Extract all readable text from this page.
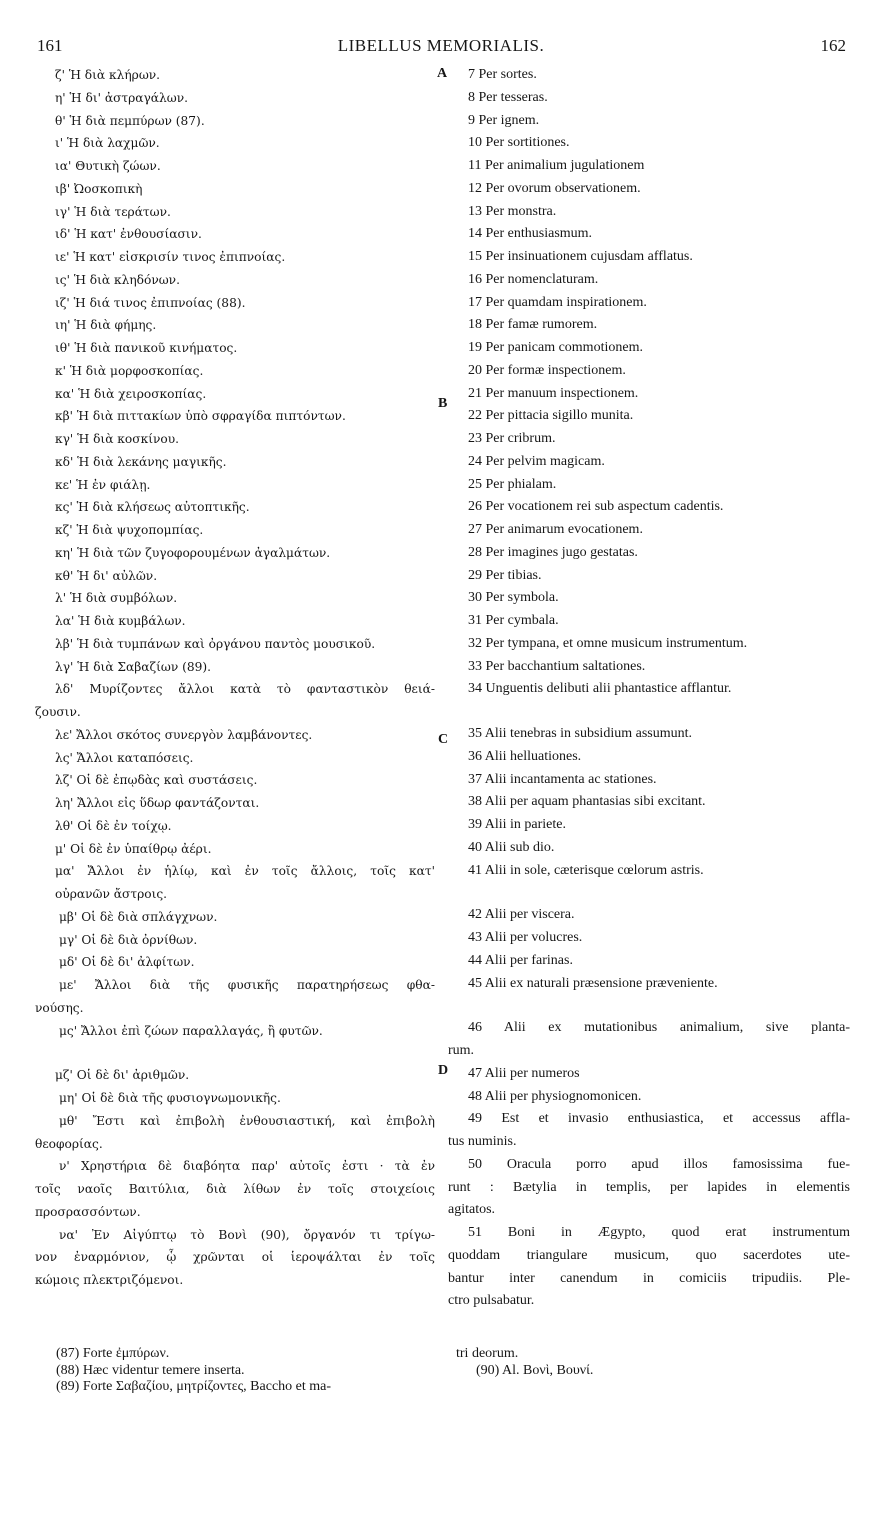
161	LIBELLUS MEMORIALIS.	162
A
B
C
D
ζ' Ἡ διὰ κλήρων.
η' Ἡ δι' ἀστραγάλων.
θ' Ἡ διὰ πεμπύρων (87).
ι' Ἡ διὰ λαχμῶν.
ια' Θυτικὴ ζώων.
ιβ' Ὠοσκοπικὴ
ιγ' Ἡ διὰ τεράτων.
ιδ' Ἡ κατ' ἐνθουσίασιν.
ιε' Ἡ κατ' εἰσκρισίν τινος ἐπιπνοίας.
ις' Ἡ διὰ κληδόνων.
ιζ' Ἡ διά τινος ἐπιπνοίας (88).
ιη' Ἡ διὰ φήμης.
ιθ' Ἡ διὰ πανικοῦ κινήματος.
κ' Ἡ διὰ μορφοσκοπίας.
κα' Ἡ διὰ χειροσκοπίας.
κβ' Ἡ διὰ πιττακίων ὑπὸ σφραγίδα πιπτόντων.
κγ' Ἡ διὰ κοσκίνου.
κδ' Ἡ διὰ λεκάνης μαγικῆς.
κε' Ἡ ἐν φιάλῃ.
κς' Ἡ διὰ κλήσεως αὐτοπτικῆς.
κζ' Ἡ διὰ ψυχοπομπίας.
κη' Ἡ διὰ τῶν ζυγοφορουμένων ἀγαλμάτων.
κθ' Ἡ δι' αὐλῶν.
λ' Ἡ διὰ συμβόλων.
λα' Ἡ διὰ κυμβάλων.
λβ' Ἡ διὰ τυμπάνων καὶ ὀργάνου παντὸς μουσικοῦ.
λγ' Ἡ διὰ Σαβαζίων (89).
λδ' Μυρίζοντες ἄλλοι κατὰ τὸ φανταστικὸν θειά-
ζουσιν.
λε' Ἄλλοι σκότος συνεργὸν λαμβάνοντες.
λς' Ἄλλοι καταπόσεις.
λζ' Οἱ δὲ ἐπῳδὰς καὶ συστάσεις.
λη' Ἄλλοι εἰς ὕδωρ φαντάζονται.
λθ' Οἱ δὲ ἐν τοίχῳ.
μ' Οἱ δὲ ἐν ὑπαίθρῳ ἀέρι.
μα' Ἄλλοι ἐν ἡλίῳ, καὶ ἐν τοῖς ἄλλοις, τοῖς κατ'
οὐρανῶν ἄστροις.
μβ' Οἱ δὲ διὰ σπλάγχνων.
μγ' Οἱ δὲ διὰ ὀρνίθων.
μδ' Οἱ δὲ δι' ἀλφίτων.
με' Ἄλλοι διὰ τῆς φυσικῆς παρατηρήσεως φθα-
νούσης.
μς' Ἄλλοι ἐπὶ ζώων παραλλαγάς, ἢ φυτῶν.
μζ' Οἱ δὲ δι' ἀριθμῶν.
μη' Οἱ δὲ διὰ τῆς φυσιογνωμονικῆς.
μθ' Ἔστι καὶ ἐπιβολὴ ἐνθουσιαστική, καὶ ἐπιβολὴ
θεοφορίας.
ν' Χρηστήρια δὲ διαβόητα παρ' αὐτοῖς ἐστι · τὰ ἐν
τοῖς ναοῖς Βαιτύλια, διὰ λίθων ἐν τοῖς στοιχείοις
προσρασσόντων.
να' Ἐν Αἰγύπτῳ τὸ Βονὶ (90), ὄργανόν τι τρίγω-
νον ἐναρμόνιον, ᾧ χρῶνται οἱ ἱεροψάλται ἐν τοῖς
κώμοις πλεκτριζόμενοι.
7 Per sortes.
8 Per tesseras.
9 Per ignem.
10 Per sortitiones.
11 Per animalium jugulationem
12 Per ovorum observationem.
13 Per monstra.
14 Per enthusiasmum.
15 Per insinuationem cujusdam afflatus.
16 Per nomenclaturam.
17 Per quamdam inspirationem.
18 Per famæ rumorem.
19 Per panicam commotionem.
20 Per formæ inspectionem.
21 Per manuum inspectionem.
22 Per pittacia sigillo munita.
23 Per cribrum.
24 Per pelvim magicam.
25 Per phialam.
26 Per vocationem rei sub aspectum cadentis.
27 Per animarum evocationem.
28 Per imagines jugo gestatas.
29 Per tibias.
30 Per symbola.
31 Per cymbala.
32 Per tympana, et omne musicum instrumentum.
33 Per bacchantium saltationes.
34 Unguentis delibuti alii phantastice afflantur.
35 Alii tenebras in subsidium assumunt.
36 Alii helluationes.
37 Alii incantamenta ac stationes.
38 Alii per aquam phantasias sibi excitant.
39 Alii in pariete.
40 Alii sub dio.
41 Alii in sole, cæterisque cœlorum astris.
42 Alii per viscera.
43 Alii per volucres.
44 Alii per farinas.
45 Alii ex naturali præsensione præveniente.
46 Alii ex mutationibus animalium, sive planta-
rum.
47 Alii per numeros
48 Alii per physiognomonicen.
49 Est et invasio enthusiastica, et accessus affla-
tus numinis.
50 Oracula porro apud illos famosissima fue-
runt : Bætylia in templis, per lapides in elementis
agitatos.
51 Boni in Ægypto, quod erat instrumentum
quoddam triangulare musicum, quo sacerdotes ute-
bantur inter canendum in comiciis tripudiis. Ple-
ctro pulsabatur.
(87) Forte ἐμπύρων.
(88) Hæc videntur temere inserta.
(89) Forte Σαβαζίου, μητρίζοντες, Baccho et ma-
tri deorum.
(90) Al. Βονὶ, Βουνί.
